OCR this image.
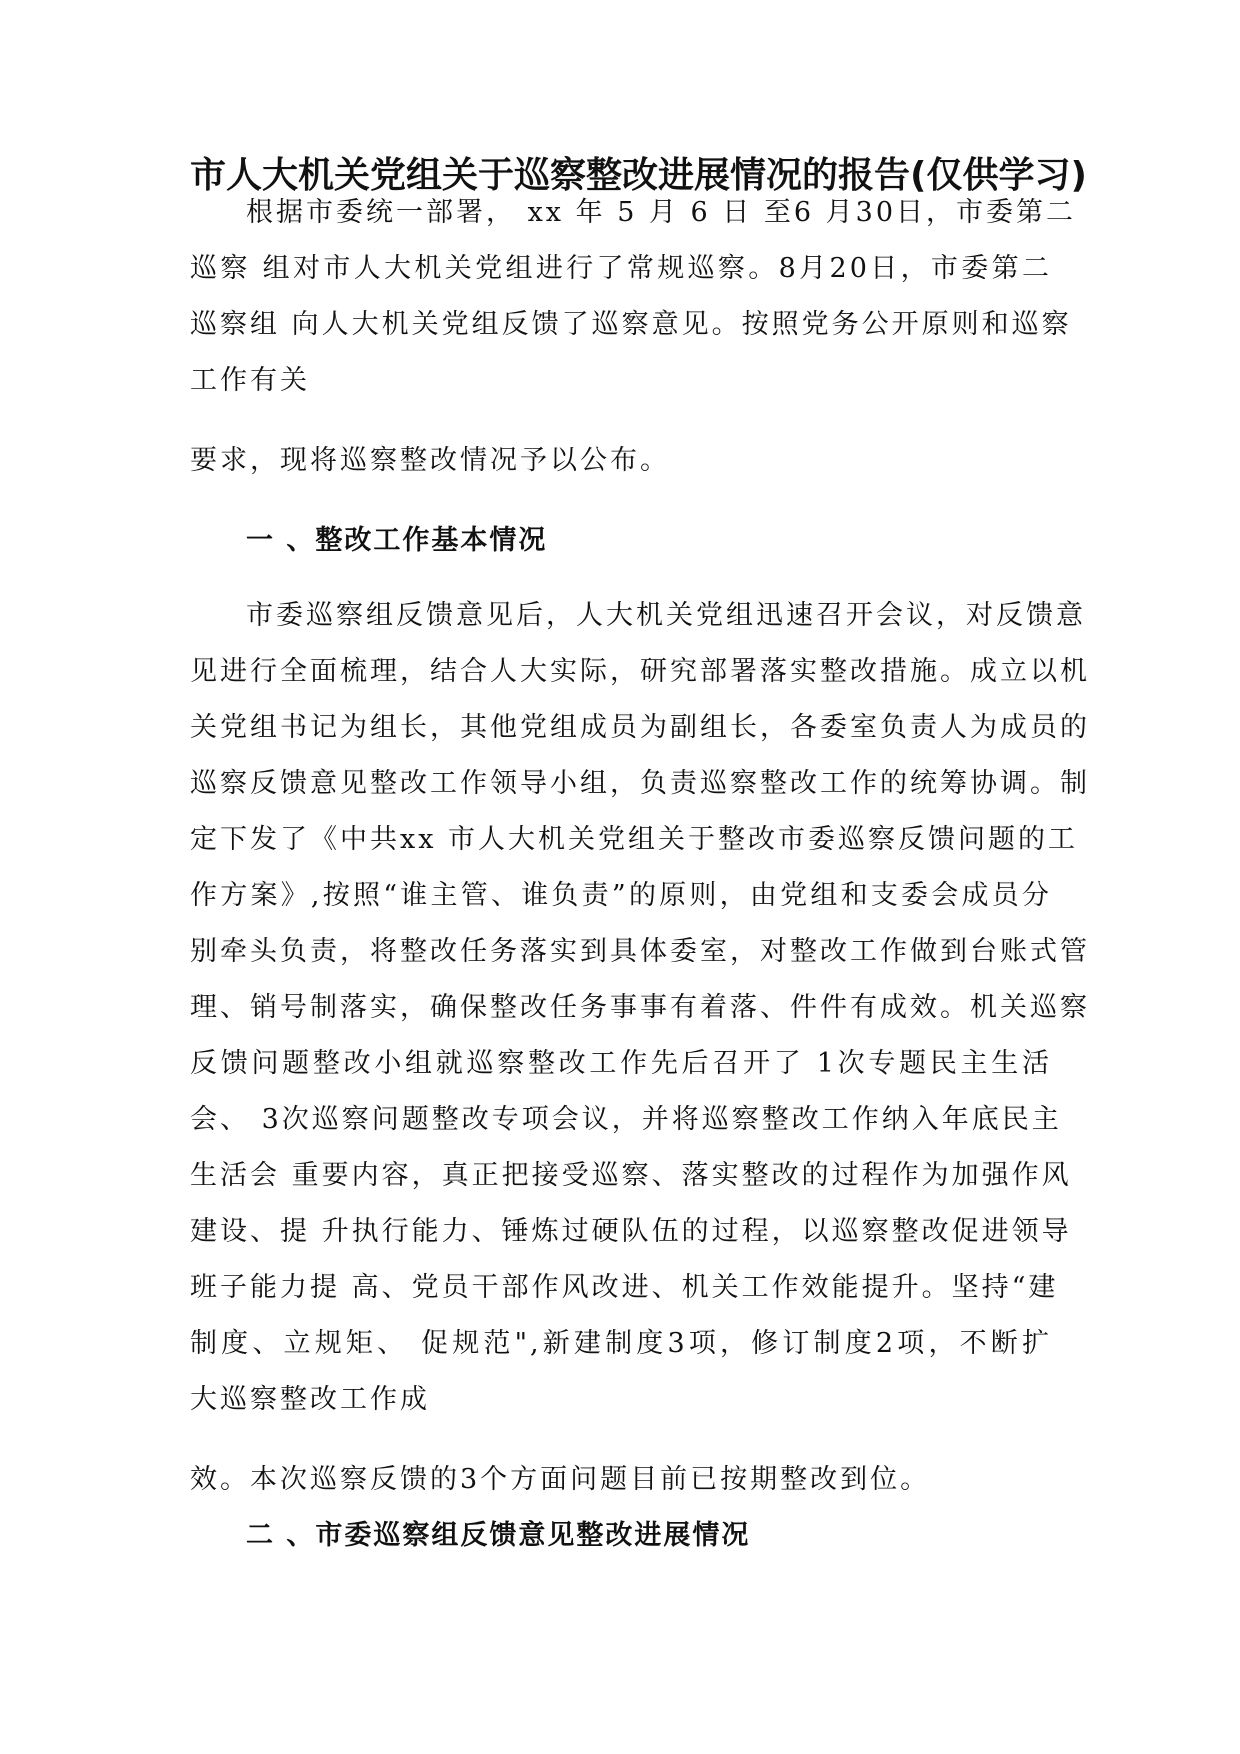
市人大机关党组关于巡察整改进展情况的报告(仅供学习)
根据市委统一部署， xx 年 5 月 6 日 至6 月30日，市委第二
巡察 组对市人大机关党组进行了常规巡察。8月20日，市委第二
巡察组 向人大机关党组反馈了巡察意见。按照党务公开原则和巡察
工作有关
要求，现将巡察整改情况予以公布。
一 、整改工作基本情况
市委巡察组反馈意见后，人大机关党组迅速召开会议，对反馈意
见进行全面梳理，结合人大实际，研究部署落实整改措施。成立以机
关党组书记为组长，其他党组成员为副组长，各委室负责人为成员的
巡察反馈意见整改工作领导小组，负责巡察整改工作的统筹协调。制
定下发了《中共xx 市人大机关党组关于整改市委巡察反馈问题的工
作方案》,按照“谁主管、谁负责”的原则，由党组和支委会成员分
别牵头负责，将整改任务落实到具体委室，对整改工作做到台账式管
理、销号制落实，确保整改任务事事有着落、件件有成效。机关巡察
反馈问题整改小组就巡察整改工作先后召开了 1次专题民主生活
会、 3次巡察问题整改专项会议，并将巡察整改工作纳入年底民主
生活会 重要内容，真正把接受巡察、落实整改的过程作为加强作风
建设、提 升执行能力、锤炼过硬队伍的过程，以巡察整改促进领导
班子能力提 高、党员干部作风改进、机关工作效能提升。坚持“建
制度、立规矩、 促规范",新建制度3项，修订制度2项，不断扩
大巡察整改工作成
效。本次巡察反馈的3个方面问题目前已按期整改到位。
二 、市委巡察组反馈意见整改进展情况
